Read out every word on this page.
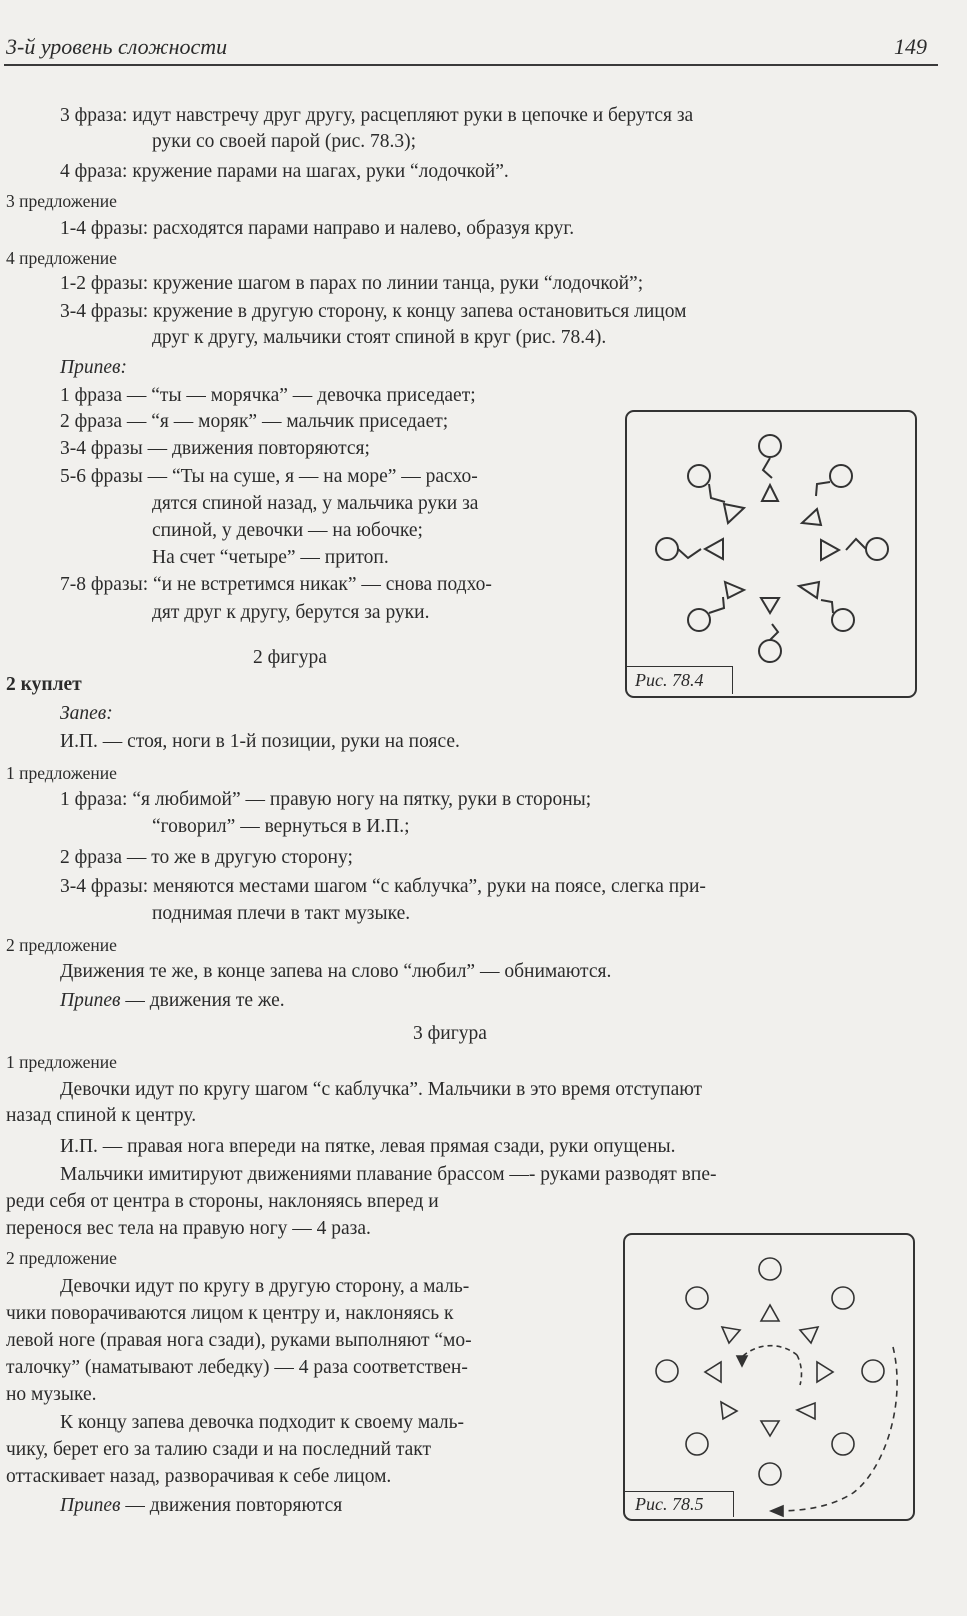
3-й уровень сложности	149
3 фраза: идут навстречу друг другу, расцепляют руки в цепочке и берутся за
руки со своей парой (рис. 78.3);
4 фраза: кружение парами на шагах, руки “лодочкой”.
3 предложение
1-4 фразы: расходятся парами направо и налево, образуя круг.
4 предложение
1-2 фразы: кружение шагом в парах по линии танца, руки “лодочкой”;
3-4 фразы: кружение в другую сторону, к концу запева остановиться лицом
друг к другу, мальчики стоят спиной в круг (рис. 78.4).
Припев:
1 фраза — “ты — морячка” — девочка приседает;
2 фраза — “я — моряк” — мальчик приседает;
3-4 фразы — движения повторяются;
5-6 фразы — “Ты на суше, я — на море” — расхо-
дятся спиной назад, у мальчика руки за
спиной, у девочки — на юбочке;
На счет “четыре” — притоп.
7-8 фразы: “и не встретимся никак” — снова подхо-
дят друг к другу, берутся за руки.
2 фигура
2 куплет
Запев:
И.П. — стоя, ноги в 1-й позиции, руки на поясе.
1 предложение
1 фраза: “я любимой” — правую ногу на пятку, руки в стороны;
“говорил” — вернуться в И.П.;
2 фраза — то же в другую сторону;
3-4 фразы: меняются местами шагом “с каблучка”, руки на поясе, слегка при-
поднимая плечи в такт музыке.
2 предложение
Движения те же, в конце запева на слово “любил” — обнимаются.
Припев — движения те же.
3 фигура
1 предложение
Девочки идут по кругу шагом “с каблучка”. Мальчики в это время отступают
назад спиной к центру.
И.П. — правая нога впереди на пятке, левая прямая сзади, руки опущены.
Мальчики имитируют движениями плавание брассом —- руками разводят впе-
реди себя от центра в стороны, наклоняясь вперед и
перенося вес тела на правую ногу — 4 раза.
2 предложение
Девочки идут по кругу в другую сторону, а маль-
чики поворачиваются лицом к центру и, наклоняясь к
левой ноге (правая нога сзади), руками выполняют “мо-
талочку” (наматывают лебедку) — 4 раза соответствен-
но музыке.
К концу запева девочка подходит к своему маль-
чику, берет его за талию сзади и на последний такт
оттаскивает назад, разворачивая к себе лицом.
Припев — движения повторяются
Рис. 78.4
Рис. 78.5
